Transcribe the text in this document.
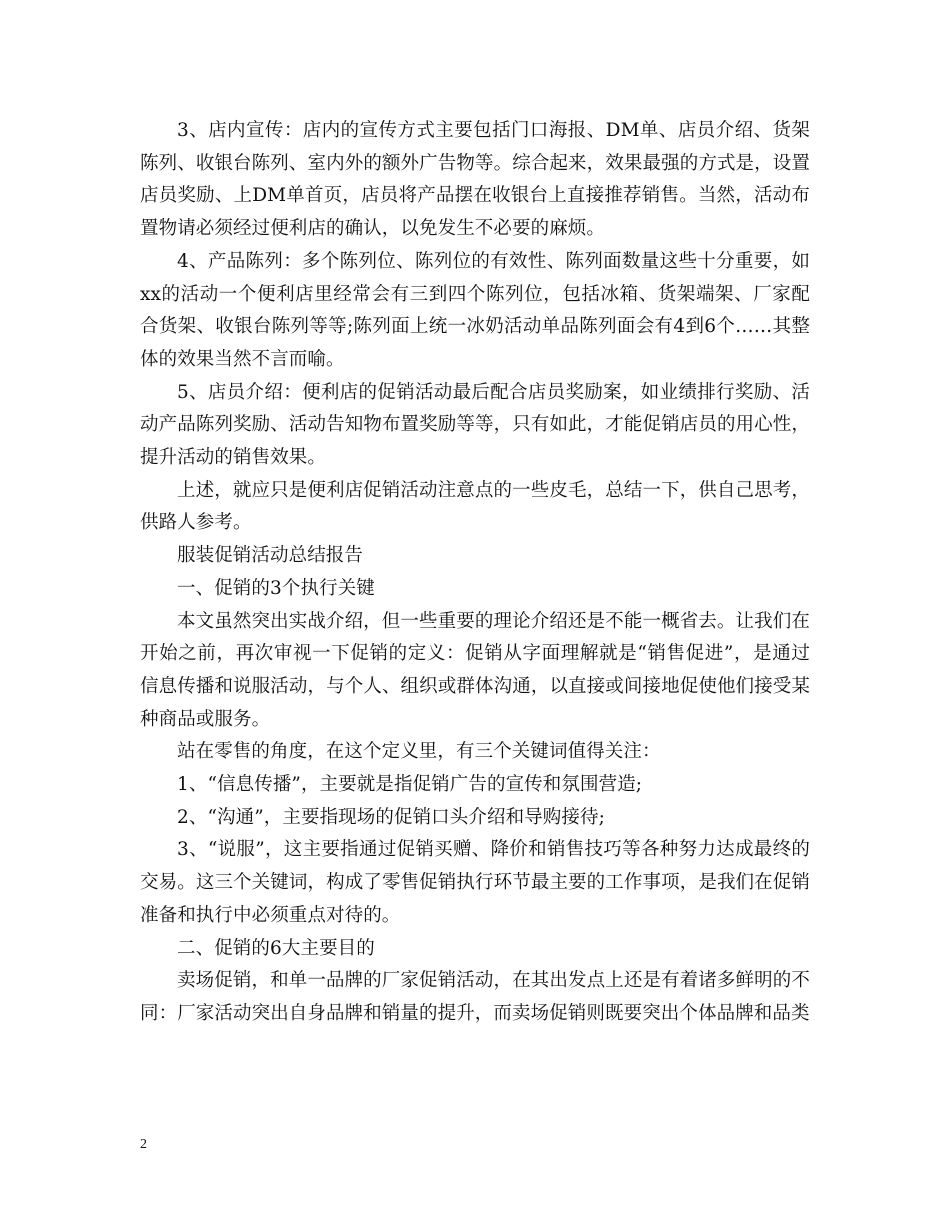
3、店内宣传：店内的宣传方式主要包括门口海报、DM单、店员介绍、货架陈列、收银台陈列、室内外的额外广告物等。综合起来，效果最强的方式是，设置店员奖励、上DM单首页，店员将产品摆在收银台上直接推荐销售。当然，活动布置物请必须经过便利店的确认，以免发生不必要的麻烦。

4、产品陈列：多个陈列位、陈列位的有效性、陈列面数量这些十分重要，如xx的活动一个便利店里经常会有三到四个陈列位，包括冰箱、货架端架、厂家配合货架、收银台陈列等等;陈列面上统一冰奶活动单品陈列面会有4到6个……其整体的效果当然不言而喻。

5、店员介绍：便利店的促销活动最后配合店员奖励案，如业绩排行奖励、活动产品陈列奖励、活动告知物布置奖励等等，只有如此，才能促销店员的用心性，提升活动的销售效果。

上述，就应只是便利店促销活动注意点的一些皮毛，总结一下，供自己思考，供路人参考。

服装促销活动总结报告

一、促销的3个执行关键

本文虽然突出实战介绍，但一些重要的理论介绍还是不能一概省去。让我们在开始之前，再次审视一下促销的定义：促销从字面理解就是“销售促进”，是通过信息传播和说服活动，与个人、组织或群体沟通，以直接或间接地促使他们接受某种商品或服务。

站在零售的角度，在这个定义里，有三个关键词值得关注：

1、“信息传播”，主要就是指促销广告的宣传和氛围营造;

2、“沟通”，主要指现场的促销口头介绍和导购接待;

3、“说服”，这主要指通过促销买赠、降价和销售技巧等各种努力达成最终的交易。这三个关键词，构成了零售促销执行环节最主要的工作事项，是我们在促销准备和执行中必须重点对待的。

二、促销的6大主要目的

卖场促销，和单一品牌的厂家促销活动，在其出发点上还是有着诸多鲜明的不同：厂家活动突出自身品牌和销量的提升，而卖场促销则既要突出个体品牌和品类

2
